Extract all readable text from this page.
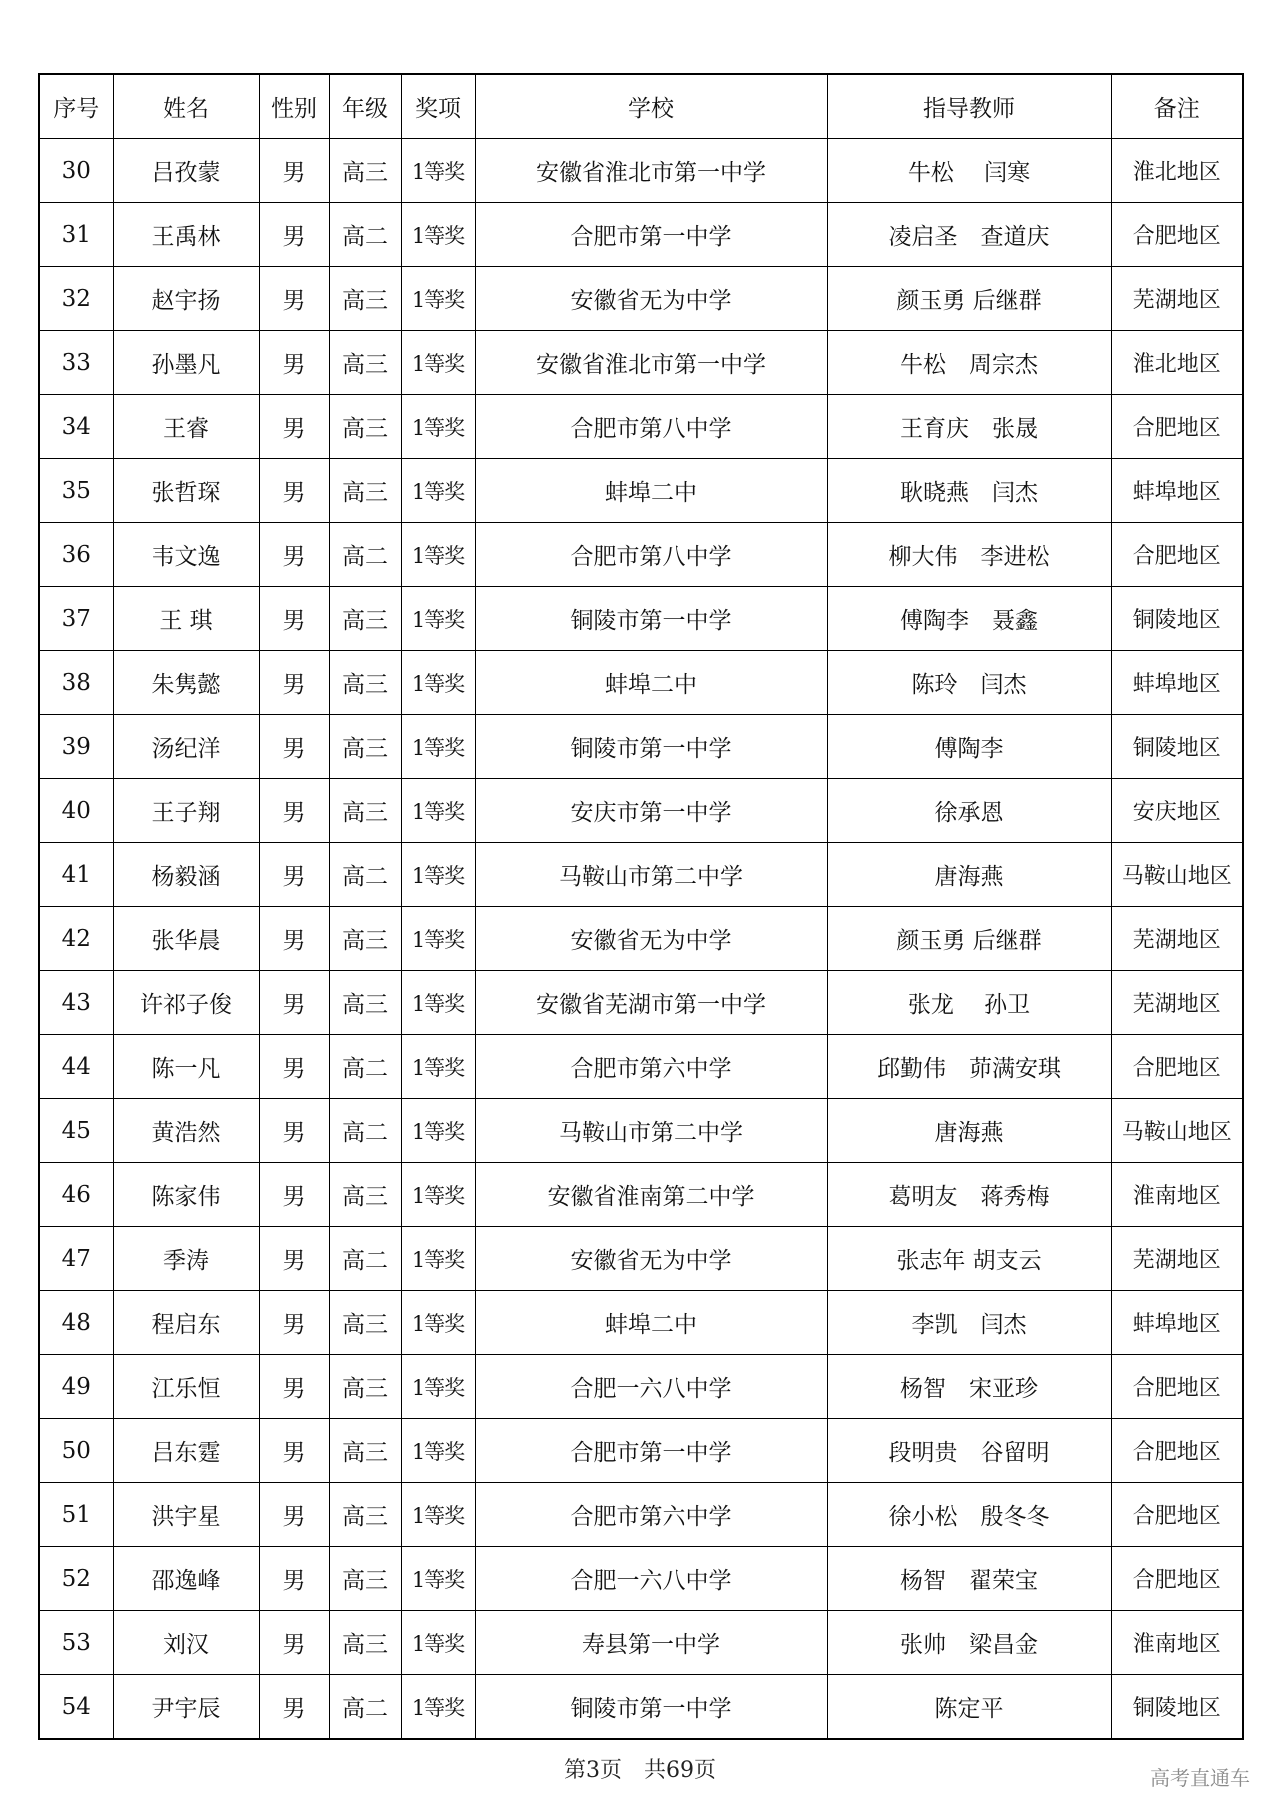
序号	姓名	性别	年级	奖项	学校	指导教师	备注
30	吕孜蒙	男	高三	1等奖	安徽省淮北市第一中学	牛松　 闫寒	淮北地区
31	王禹林	男	高二	1等奖	合肥市第一中学	凌启圣　查道庆	合肥地区
32	赵宇扬	男	高三	1等奖	安徽省无为中学	颜玉勇 后继群	芜湖地区
33	孙墨凡	男	高三	1等奖	安徽省淮北市第一中学	牛松　周宗杰	淮北地区
34	王睿	男	高三	1等奖	合肥市第八中学	王育庆　张晟	合肥地区
35	张哲琛	男	高三	1等奖	蚌埠二中	耿晓燕　闫杰	蚌埠地区
36	韦文逸	男	高二	1等奖	合肥市第八中学	柳大伟　李进松	合肥地区
37	王 琪	男	高三	1等奖	铜陵市第一中学	傅陶李　聂鑫	铜陵地区
38	朱隽懿	男	高三	1等奖	蚌埠二中	陈玲　闫杰	蚌埠地区
39	汤纪洋	男	高三	1等奖	铜陵市第一中学	傅陶李	铜陵地区
40	王子翔	男	高三	1等奖	安庆市第一中学	徐承恩	安庆地区
41	杨毅涵	男	高二	1等奖	马鞍山市第二中学	唐海燕	马鞍山地区
42	张华晨	男	高三	1等奖	安徽省无为中学	颜玉勇 后继群	芜湖地区
43	许祁子俊	男	高三	1等奖	安徽省芜湖市第一中学	张龙　 孙卫	芜湖地区
44	陈一凡	男	高二	1等奖	合肥市第六中学	邱勤伟　茆满安琪	合肥地区
45	黄浩然	男	高二	1等奖	马鞍山市第二中学	唐海燕	马鞍山地区
46	陈家伟	男	高三	1等奖	安徽省淮南第二中学	葛明友　蒋秀梅	淮南地区
47	季涛	男	高二	1等奖	安徽省无为中学	张志年 胡支云	芜湖地区
48	程启东	男	高三	1等奖	蚌埠二中	李凯　闫杰	蚌埠地区
49	江乐恒	男	高三	1等奖	合肥一六八中学	杨智　宋亚珍	合肥地区
50	吕东霆	男	高三	1等奖	合肥市第一中学	段明贵　谷留明	合肥地区
51	洪宇星	男	高三	1等奖	合肥市第六中学	徐小松　殷冬冬	合肥地区
52	邵逸峰	男	高三	1等奖	合肥一六八中学	杨智　翟荣宝	合肥地区
53	刘汉	男	高三	1等奖	寿县第一中学	张帅　梁昌金	淮南地区
54	尹宇辰	男	高二	1等奖	铜陵市第一中学	陈定平	铜陵地区
第3页　共69页	高考直通车
